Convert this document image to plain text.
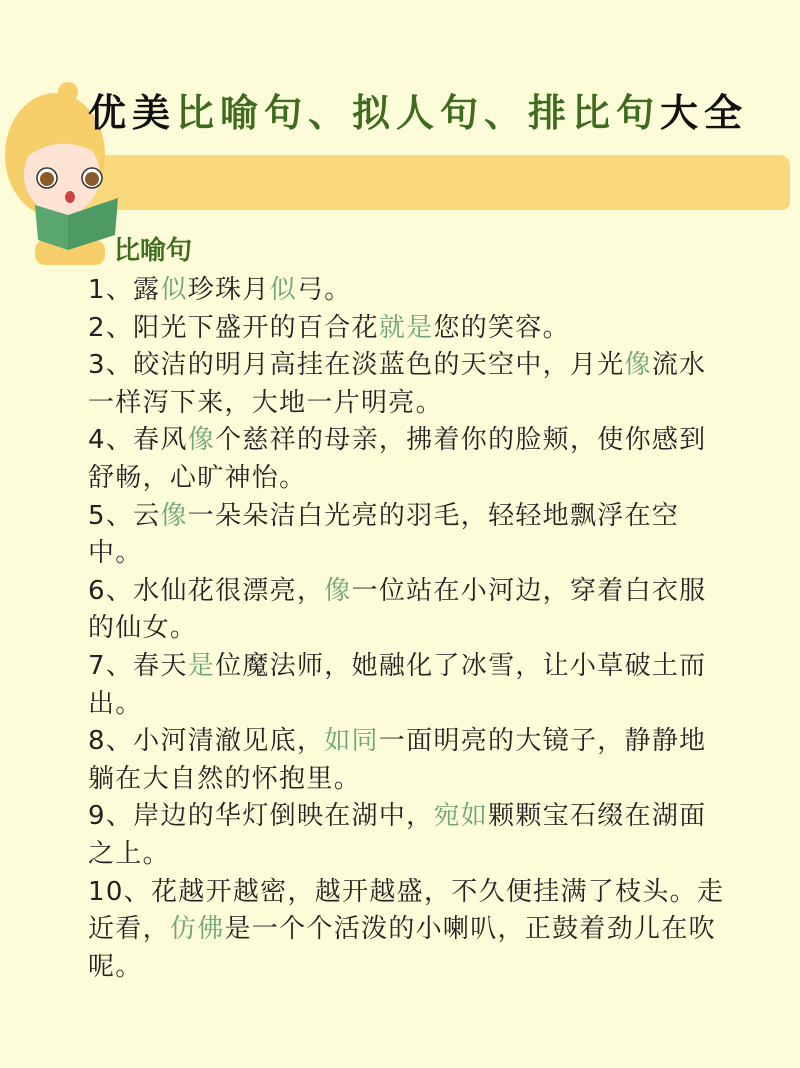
优美比喻句、拟人句、排比句大全
比喻句

1、露似珍珠月似弓。

2、阳光下盛开的百合花就是您的笑容。

3、皎洁的明月高挂在淡蓝色的天空中，月光像流水一样泻下来，大地一片明亮。

4、春风像个慈祥的母亲，拂着你的脸颊，使你感到舒畅，心旷神怡。

5、云像一朵朵洁白光亮的羽毛，轻轻地飘浮在空中。

6、水仙花很漂亮，像一位站在小河边，穿着白衣服的仙女。

7、春天是位魔法师，她融化了冰雪，让小草破土而出。

8、小河清澈见底，如同一面明亮的大镜子，静静地躺在大自然的怀抱里。

9、岸边的华灯倒映在湖中，宛如颗颗宝石缀在湖面之上。

10、花越开越密，越开越盛，不久便挂满了枝头。走近看，仿佛是一个个活泼的小喇叭，正鼓着劲儿在吹呢。
